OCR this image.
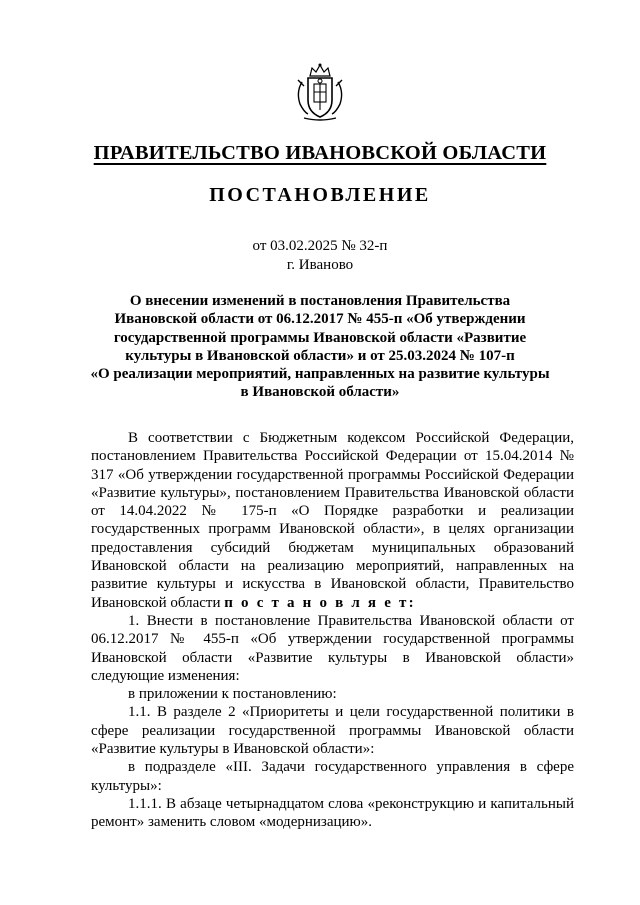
ПРАВИТЕЛЬСТВО ИВАНОВСКОЙ ОБЛАСТИ
ПОСТАНОВЛЕНИЕ
от 03.02.2025 № 32-п
г. Иваново
О внесении изменений в постановления Правительства
Ивановской области от 06.12.2017 № 455-п «Об утверждении
государственной программы Ивановской области «Развитие
культуры в Ивановской области» и от 25.03.2024 № 107-п
«О реализации мероприятий, направленных на развитие культуры
в Ивановской области»

В соответствии с Бюджетным кодексом Российской Федерации, постановлением Правительства Российской Федерации от 15.04.2014 № 317 «Об утверждении государственной программы Российской Федерации «Развитие культуры», постановлением Правительства Ивановской области от 14.04.2022 № 175-п «О Порядке разработки и реализации государственных программ Ивановской области», в целях организации предоставления субсидий бюджетам муниципальных образований Ивановской области на реализацию мероприятий, направленных на развитие культуры и искусства в Ивановской области, Правительство Ивановской области п о с т а н о в л я е т:

1. Внести в постановление Правительства Ивановской области от 06.12.2017 № 455-п «Об утверждении государственной программы Ивановской области «Развитие культуры в Ивановской области» следующие изменения:

в приложении к постановлению:

1.1. В разделе 2 «Приоритеты и цели государственной политики в сфере реализации государственной программы Ивановской области «Развитие культуры в Ивановской области»:

в подразделе «III. Задачи государственного управления в сфере культуры»:

1.1.1. В абзаце четырнадцатом слова «реконструкцию и капитальный ремонт» заменить словом «модернизацию».
